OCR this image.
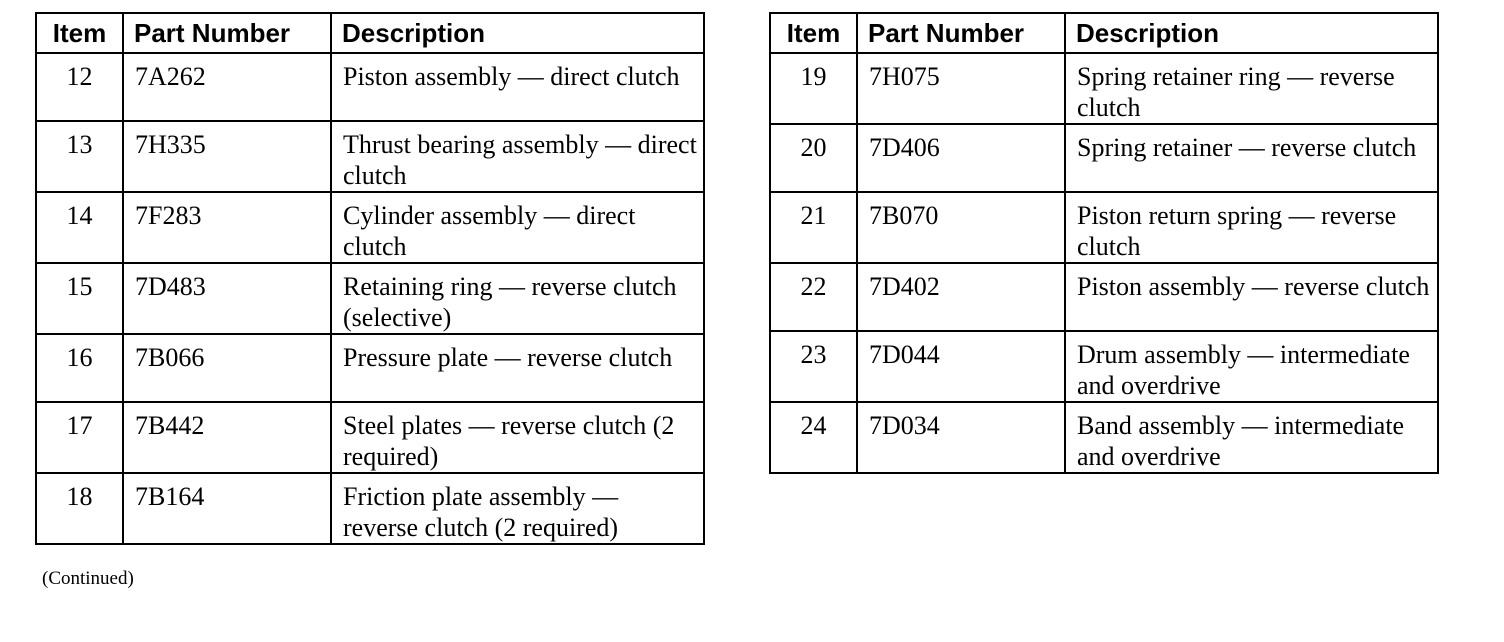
Item	Part Number	Description
12	7A262	Piston assembly — direct clutch
13	7H335	Thrust bearing assembly — direct clutch
14	7F283	Cylinder assembly — direct clutch
15	7D483	Retaining ring — reverse clutch (selective)
16	7B066	Pressure plate — reverse clutch
17	7B442	Steel plates — reverse clutch (2 required)
18	7B164	Friction plate assembly — reverse clutch (2 required)
Item	Part Number	Description
19	7H075	Spring retainer ring — reverse clutch
20	7D406	Spring retainer — reverse clutch
21	7B070	Piston return spring — reverse clutch
22	7D402	Piston assembly — reverse clutch
23	7D044	Drum assembly — intermediate and overdrive
24	7D034	Band assembly — intermediate and overdrive
(Continued)
